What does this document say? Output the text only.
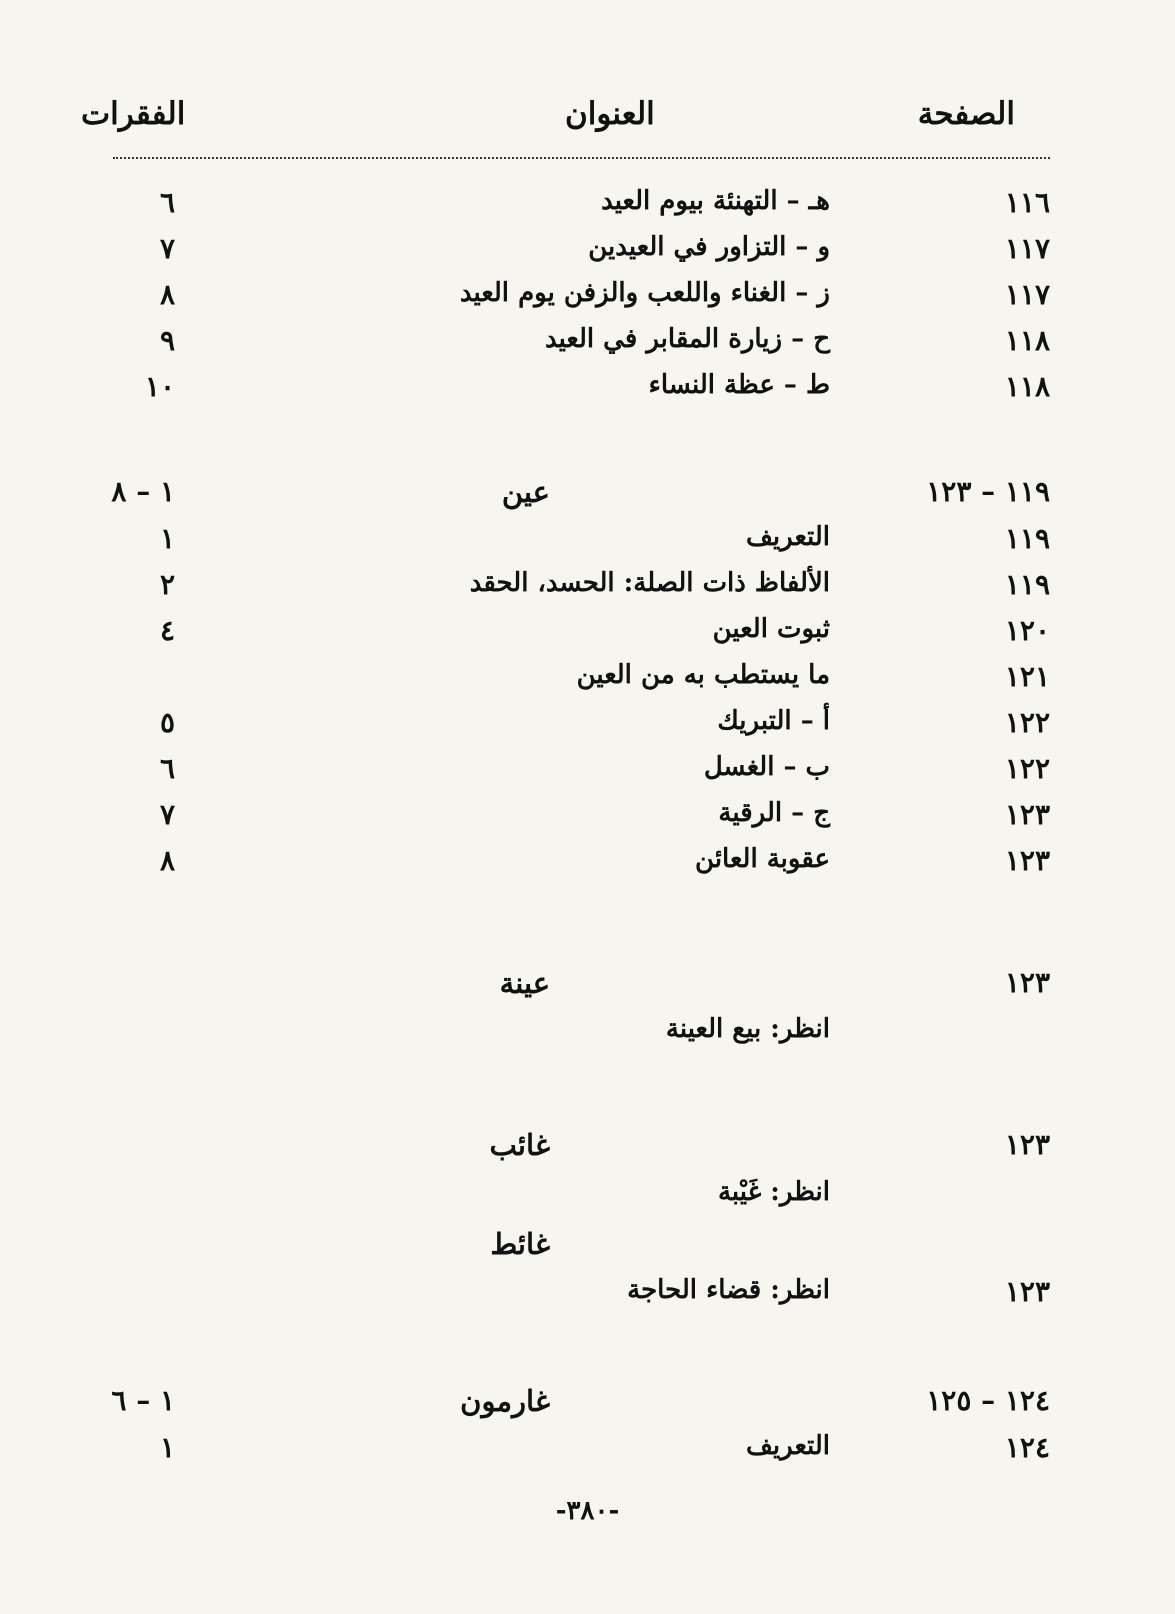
الصفحة
العنوان
الفقرات
١١٦
هـ – التهنئة بيوم العيد
٦
١١٧
و – التزاور في العيدين
٧
١١٧
ز – الغناء واللعب والزفن يوم العيد
٨
١١٨
ح – زيارة المقابر في العيد
٩
١١٨
ط – عظة النساء
١٠
١١٩ – ١٢٣
عين
١ – ٨
١١٩
التعريف
١
١١٩
الألفاظ ذات الصلة: الحسد، الحقد
٢
١٢٠
ثبوت العين
٤
١٢١
ما يستطب به من العين
١٢٢
أ – التبريك
٥
١٢٢
ب – الغسل
٦
١٢٣
ج – الرقية
٧
١٢٣
عقوبة العائن
٨
١٢٣
عينة
انظر: بيع العينة
١٢٣
غائب
انظر: غَيْبة
غائط
١٢٣
انظر: قضاء الحاجة
١٢٤ – ١٢٥
غارمون
١ – ٦
١٢٤
التعريف
١
-٣٨٠-
